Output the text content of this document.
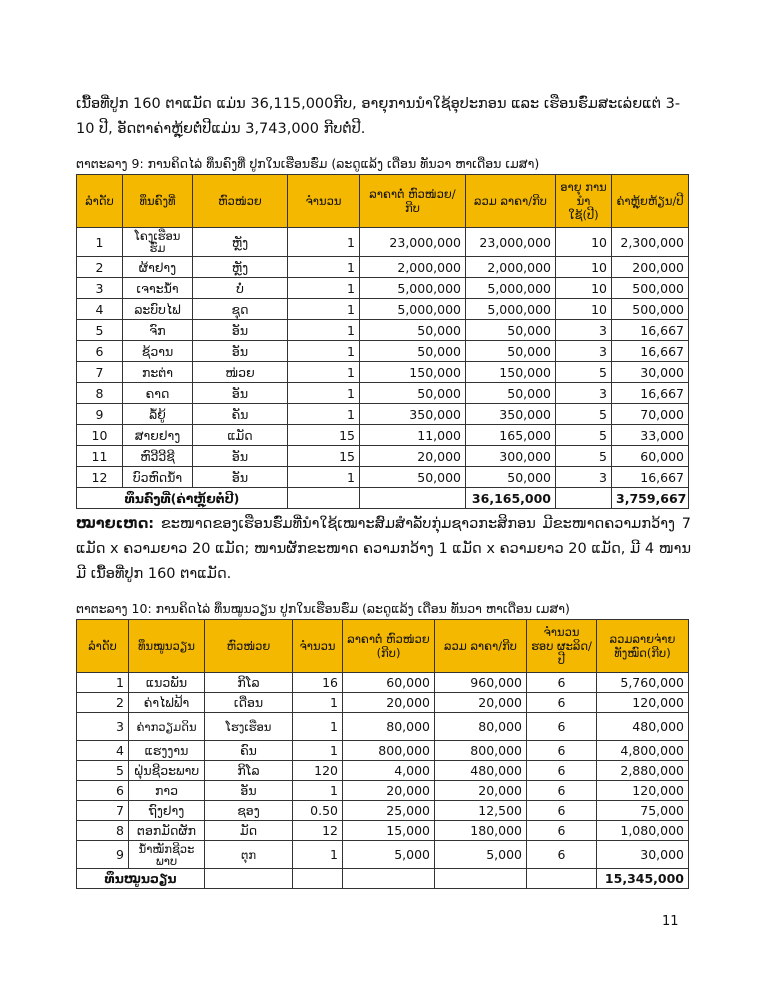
ເນື້ອທີ່ປູກ 160 ຕາແມັດ ແມ່ນ 36,115,000ກີບ, ອາຍຸການນຳໃຊ້ອຸປະກອນ ແລະ ເຮືອນຮົ່ມສະເລ່ຍແຕ່ 3-10 ປີ, ອັດຕາຄ່າຫຼຸ້ຍຕໍ່ປີແມ່ນ 3,743,000 ກີບຕໍ່ປີ.

ຕາຕະລາງ 9: ການຄິດໄລ່ ທຶນຄົງທີ່ ປູກໃນເຮືອນຮົ່ມ (ລະດູແລ້ງ ເດືອນ ທັນວາ ຫາເດືອນ ເມສາ)

ລຳດັບ	ທຶນຄົງທີ່	ຫົວໜ່ວຍ	ຈຳນວນ	ລາຄາຕໍ່ ຫົວໜ່ວຍ/ກີບ	ລວມ ລາຄາ/ກີບ	ອາຍຸ ການນຳ ໃຊ້(ປີ)	ຄ່າຫຼຸ້ຍຫ້ຽນ/ປີ
1	ໂຄງເຮືອນຮົ່ມ	ຫຼັງ	1	23,000,000	23,000,000	10	2,300,000
2	ຜ້າຢາງ	ຫຼັງ	1	2,000,000	2,000,000	10	200,000
3	ເຈາະນ້ຳ	ບໍ່	1	5,000,000	5,000,000	10	500,000
4	ລະບົບໄຟ	ຊຸດ	1	5,000,000	5,000,000	10	500,000
5	ຈົກ	ອັນ	1	50,000	50,000	3	16,667
6	ຊ້ວານ	ອັນ	1	50,000	50,000	3	16,667
7	ກະຕ່າ	ໜ່ວຍ	1	150,000	150,000	5	30,000
8	ຄາດ	ອັນ	1	50,000	50,000	3	16,667
9	ລໍ້ຍູ້	ຄັນ	1	350,000	350,000	5	70,000
10	ສາຍຢາງ	ແມັດ	15	11,000	165,000	5	33,000
11	ຫົວີວີຊີ	ອັນ	15	20,000	300,000	5	60,000
12	ບົວຫົດນ້ຳ	ອັນ	1	50,000	50,000	3	16,667
ທຶນຄົງທີ່(ຄ່າຫຼຸ້ຍຕໍ່ປີ)					36,165,000		3,759,667

ໝາຍເຫດ: ຂະໜາດຂອງເຮືອນຮົ່ມທີ່ນຳໃຊ້ເໝາະສົມສຳລັບກຸ່ມຊາວກະສິກອນ ມີຂະໜາດຄວາມກວ້າງ 7 ແມັດ x ຄວາມຍາວ 20 ແມັດ; ໜານຜັກຂະໜາດ ຄວາມກວ້າງ 1 ແມັດ x ຄວາມຍາວ 20 ແມັດ, ມີ 4 ໜານ ມີ ເນື້ອທີ່ປູກ 160 ຕາແມັດ.

ຕາຕະລາງ 10: ການຄິດໄລ່ ທຶນໝູນວຽນ ປູກໃນເຮືອນຮົ່ມ (ລະດູແລ້ງ ເດືອນ ທັນວາ ຫາເດືອນ ເມສາ)

ລຳດັບ	ທຶນໝູນວຽນ	ຫົວໜ່ວຍ	ຈຳນວນ	ລາຄາຕໍ່ ຫົວໜ່ວຍ (ກີບ)	ລວມ ລາຄາ/ກີບ	ຈຳນວນ ຮອບ ຜະລິດ/ປີ	ລວມລາຍຈ່າຍ ທັງໝົດ(ກີບ)
1	ແນວພັນ	ກິໂລ	16	60,000	960,000	6	5,760,000
2	ຄ່າໄຟຟ້າ	ເດືອນ	1	20,000	20,000	6	120,000
3	ຄ່າກວຽມດິນ	ໂຮງເຮືອນ	1	80,000	80,000	6	480,000
4	ແຮງງານ	ຄົນ	1	800,000	800,000	6	4,800,000
5	ຝຸ່ນຊີວະພາບ	ກິໂລ	120	4,000	480,000	6	2,880,000
6	ກາວ	ອັນ	1	20,000	20,000	6	120,000
7	ຖົງຢາງ	ຊອງ	0.50	25,000	12,500	6	75,000
8	ຕອກມັດຜັກ	ມັດ	12	15,000	180,000	6	1,080,000
9	ນ້ຳໝັກຊີວະພາບ	ຕຸກ	1	5,000	5,000	6	30,000
ທຶນໝູນວຽນ							15,345,000
11
